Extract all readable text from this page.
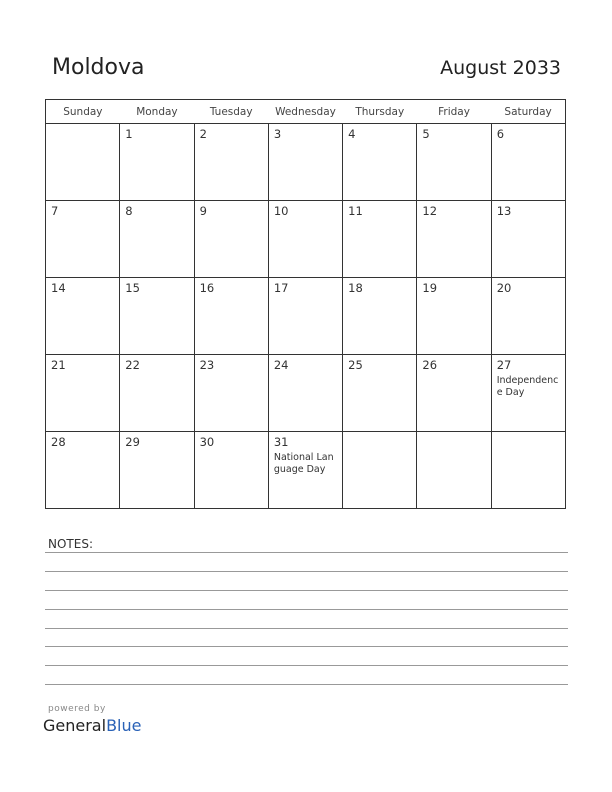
Moldova	August 2033
Sunday	Monday	Tuesday	Wednesday	Thursday	Friday	Saturday

	1	2	3	4	5	6

7	8	9	10	11	12	13

14	15	16	17	18	19	20

21	22	23	24	25	26	27
Independence Day

28	29	30	31
National Language Day			

NOTES:
powered by
GeneralBlue
